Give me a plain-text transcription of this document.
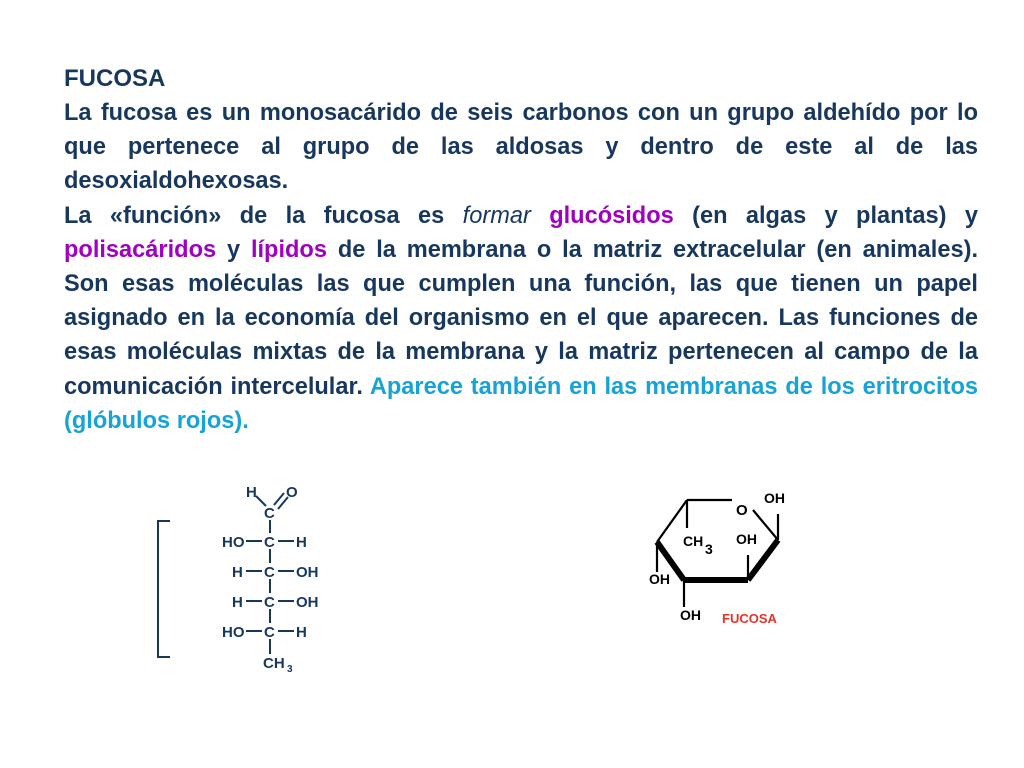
FUCOSA

La fucosa es un monosacárido de seis carbonos con un grupo aldehído por lo que pertenece al grupo de las aldosas y dentro de este al de las desoxialdohexosas.

La «función» de la fucosa es formar glucósidos (en algas y plantas) y polisacáridos y lípidos de la membrana o la matriz extracelular (en animales). Son esas moléculas las que cumplen una función, las que tienen un papel asignado en la economía del organismo en el que aparecen. Las funciones de esas moléculas mixtas de la membrana y la matriz pertenecen al campo de la comunicación intercelular. Aparece también en las membranas de los eritrocitos (glóbulos rojos).

H O
C
HO C H
H C OH
H C OH
HO C H
CH 3
O
OH
CH 3
OH
OH
OH FUCOSA
